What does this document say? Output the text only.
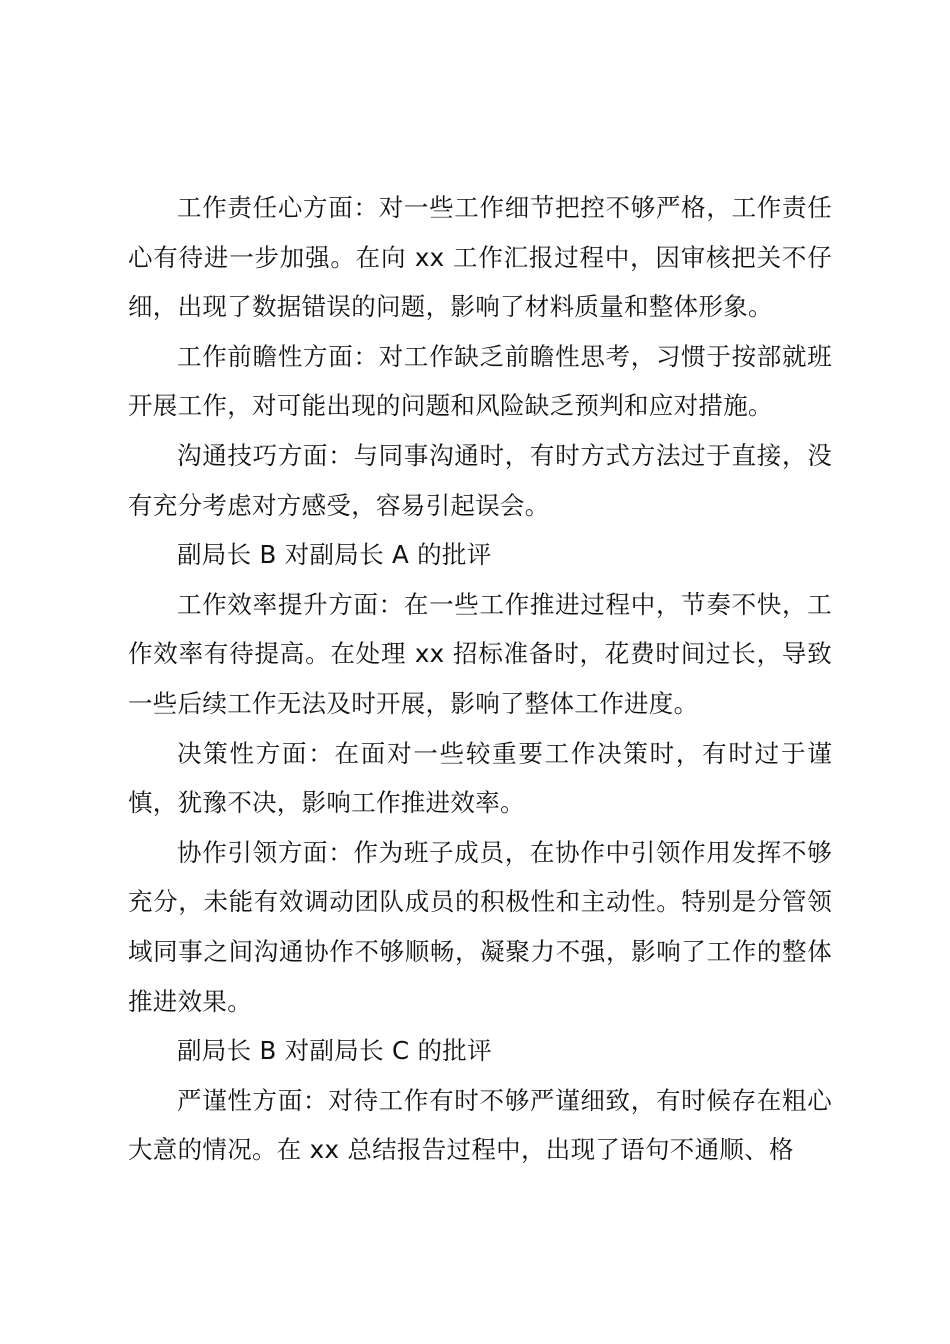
工作责任心方面：对一些工作细节把控不够严格，工作责任心有待进一步加强。在向 xx 工作汇报过程中，因审核把关不仔细，出现了数据错误的问题，影响了材料质量和整体形象。

工作前瞻性方面：对工作缺乏前瞻性思考，习惯于按部就班开展工作，对可能出现的问题和风险缺乏预判和应对措施。

沟通技巧方面：与同事沟通时，有时方式方法过于直接，没有充分考虑对方感受，容易引起误会。

副局长 B 对副局长 A 的批评

工作效率提升方面：在一些工作推进过程中，节奏不快，工作效率有待提高。在处理 xx 招标准备时，花费时间过长，导致一些后续工作无法及时开展，影响了整体工作进度。

决策性方面：在面对一些较重要工作决策时，有时过于谨慎，犹豫不决，影响工作推进效率。

协作引领方面：作为班子成员，在协作中引领作用发挥不够充分，未能有效调动团队成员的积极性和主动性。特别是分管领域同事之间沟通协作不够顺畅，凝聚力不强，影响了工作的整体推进效果。

副局长 B 对副局长 C 的批评

严谨性方面：对待工作有时不够严谨细致，有时候存在粗心大意的情况。在 xx 总结报告过程中，出现了语句不通顺、格
